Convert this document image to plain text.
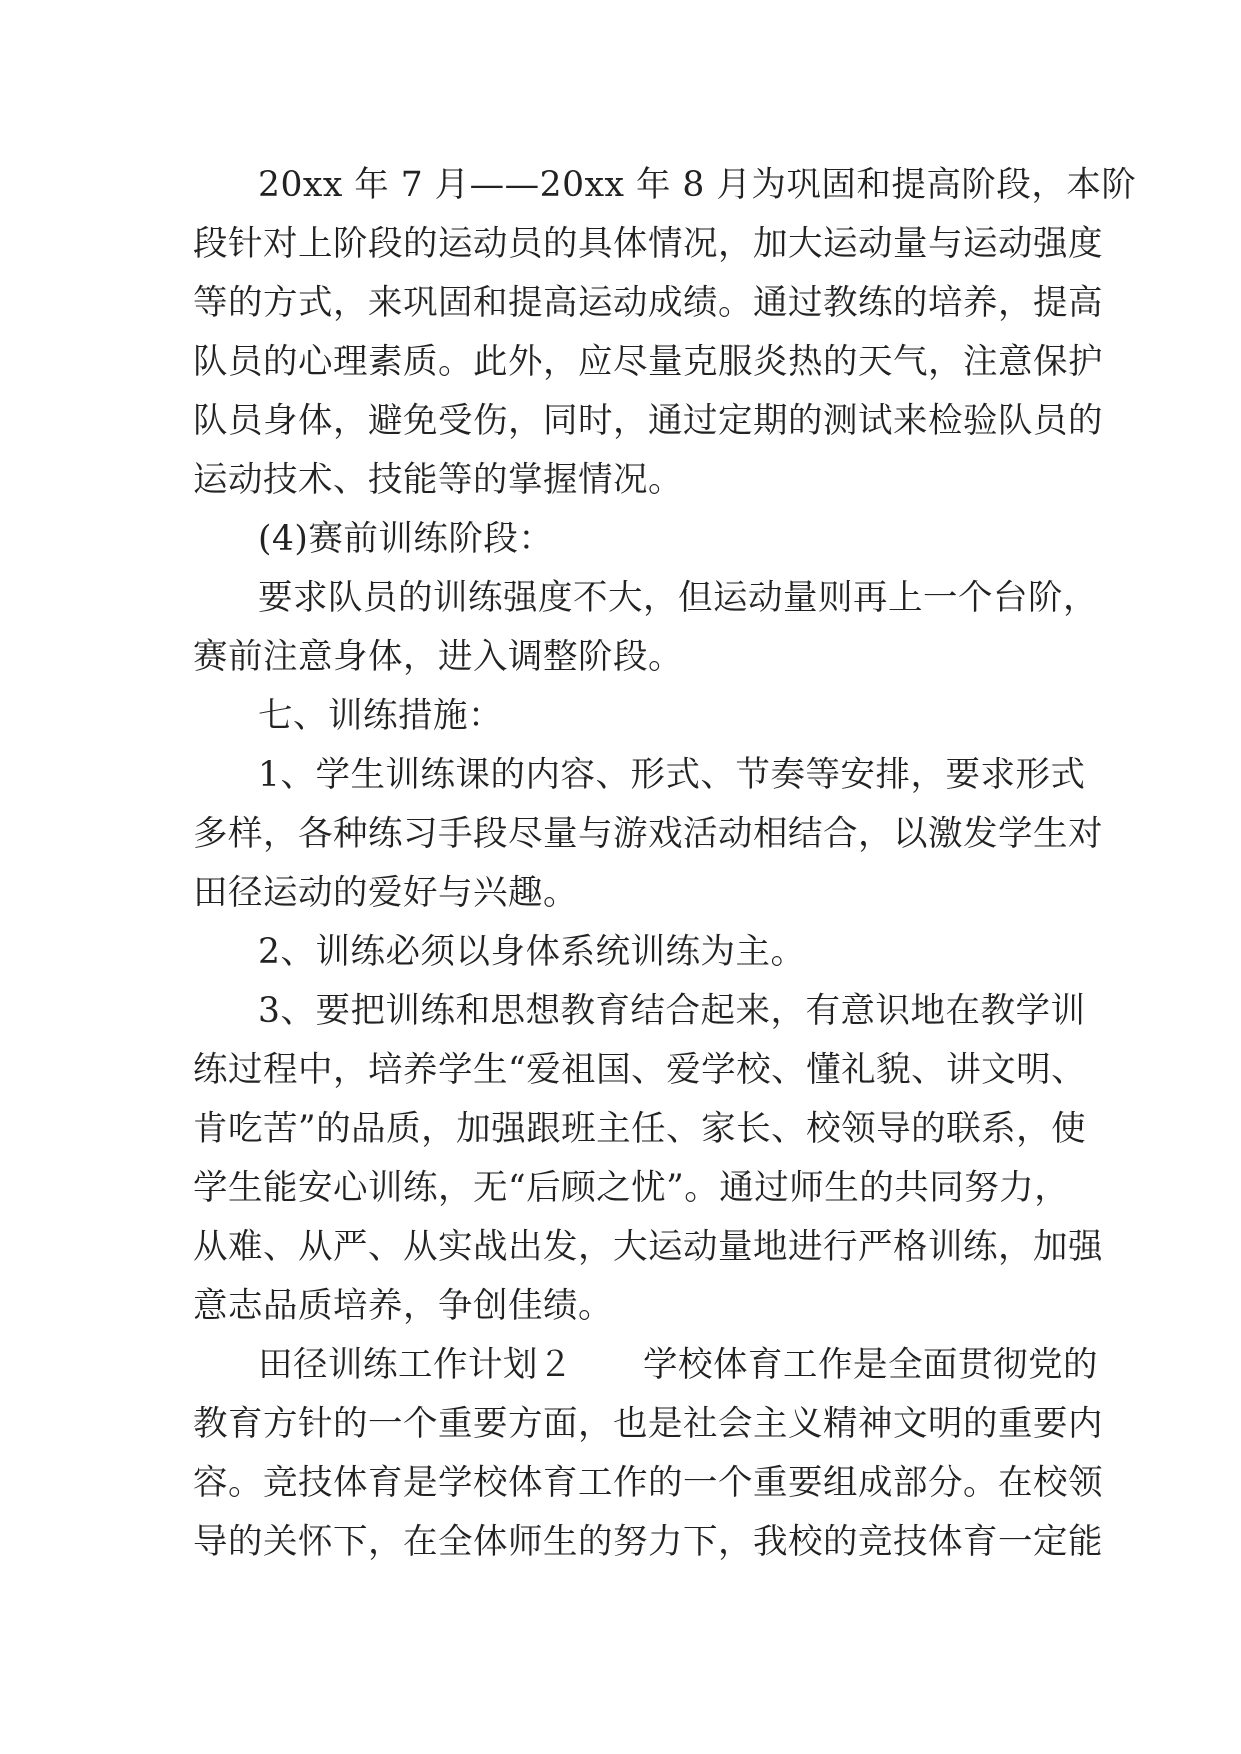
20xx 年 7 月——20xx 年 8 月为巩固和提高阶段，本阶
段针对上阶段的运动员的具体情况，加大运动量与运动强度
等的方式，来巩固和提高运动成绩。通过教练的培养，提高
队员的心理素质。此外，应尽量克服炎热的天气，注意保护
队员身体，避免受伤，同时，通过定期的测试来检验队员的
运动技术、技能等的掌握情况。
(4)赛前训练阶段：
要求队员的训练强度不大，但运动量则再上一个台阶，
赛前注意身体，进入调整阶段。
七、训练措施：
1、学生训练课的内容、形式、节奏等安排，要求形式
多样，各种练习手段尽量与游戏活动相结合，以激发学生对
田径运动的爱好与兴趣。
2、训练必须以身体系统训练为主。
3、要把训练和思想教育结合起来，有意识地在教学训
练过程中，培养学生“爱祖国、爱学校、懂礼貌、讲文明、
肯吃苦”的品质，加强跟班主任、家长、校领导的联系，使
学生能安心训练，无“后顾之忧”。通过师生的共同努力，
从难、从严、从实战出发，大运动量地进行严格训练，加强
意志品质培养，争创佳绩。
田径训练工作计划２　　学校体育工作是全面贯彻党的
教育方针的一个重要方面，也是社会主义精神文明的重要内
容。竞技体育是学校体育工作的一个重要组成部分。在校领
导的关怀下，在全体师生的努力下，我校的竞技体育一定能
